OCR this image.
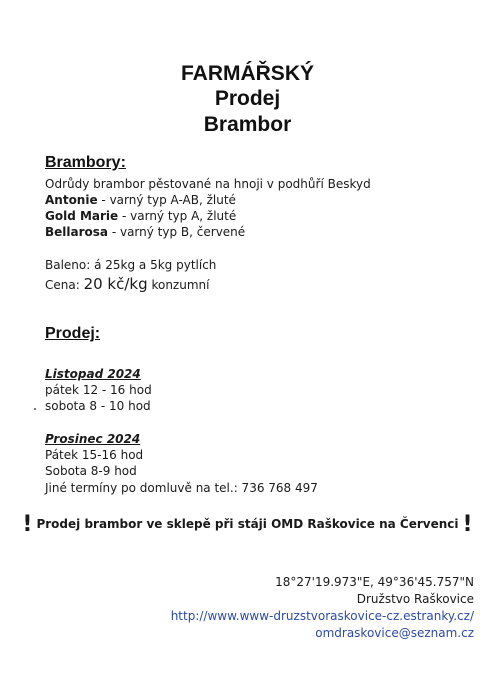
FARMÁŘSKÝ
Prodej
Brambor
Brambory:
Odrůdy brambor pěstované na hnoji v podhůří Beskyd
Antonie - varný typ A-AB, žluté
Gold Marie - varný typ A, žluté
Bellarosa - varný typ B, červené
Baleno: á 25kg a 5kg pytlích
Cena: 20 kč/kg konzumní
Prodej:
Listopad 2024
pátek 12 - 16 hod
sobota 8 - 10 hod
Prosinec 2024
Pátek 15-16 hod
Sobota 8-9 hod
Jiné termíny po domluvě na tel.: 736 768 497
! Prodej brambor ve sklepě při stáji OMD Raškovice na Červenci !
18°27'19.973"E, 49°36'45.757"N
Družstvo Raškovice
http://www.www-druzstvoraskovice-cz.estranky.cz/
omdraskovice@seznam.cz
